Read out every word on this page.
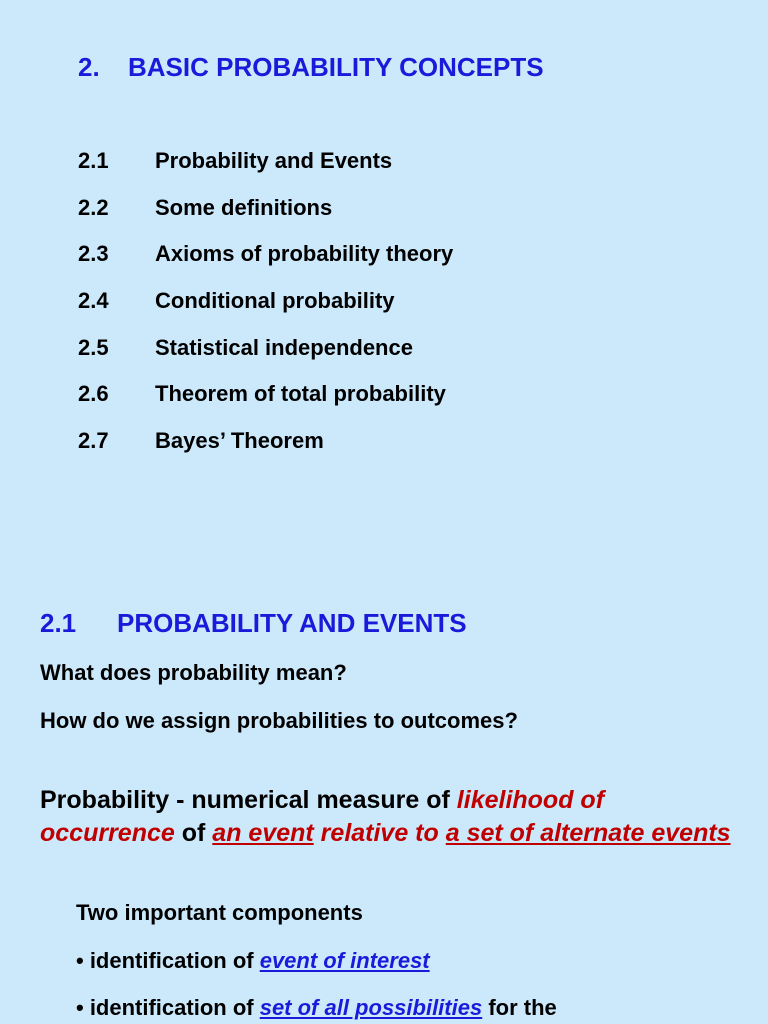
2. BASIC PROBABILITY CONCEPTS
2.1 Probability and Events
2.2 Some definitions
2.3 Axioms of probability theory
2.4 Conditional probability
2.5 Statistical independence
2.6 Theorem of total probability
2.7 Bayes’ Theorem
2.1 PROBABILITY AND EVENTS
What does probability mean?
How do we assign probabilities to outcomes?
Probability - numerical measure of likelihood of occurrence of an event relative to a set of alternate events
Two important components
• identification of event of interest
• identification of set of all possibilities for the
